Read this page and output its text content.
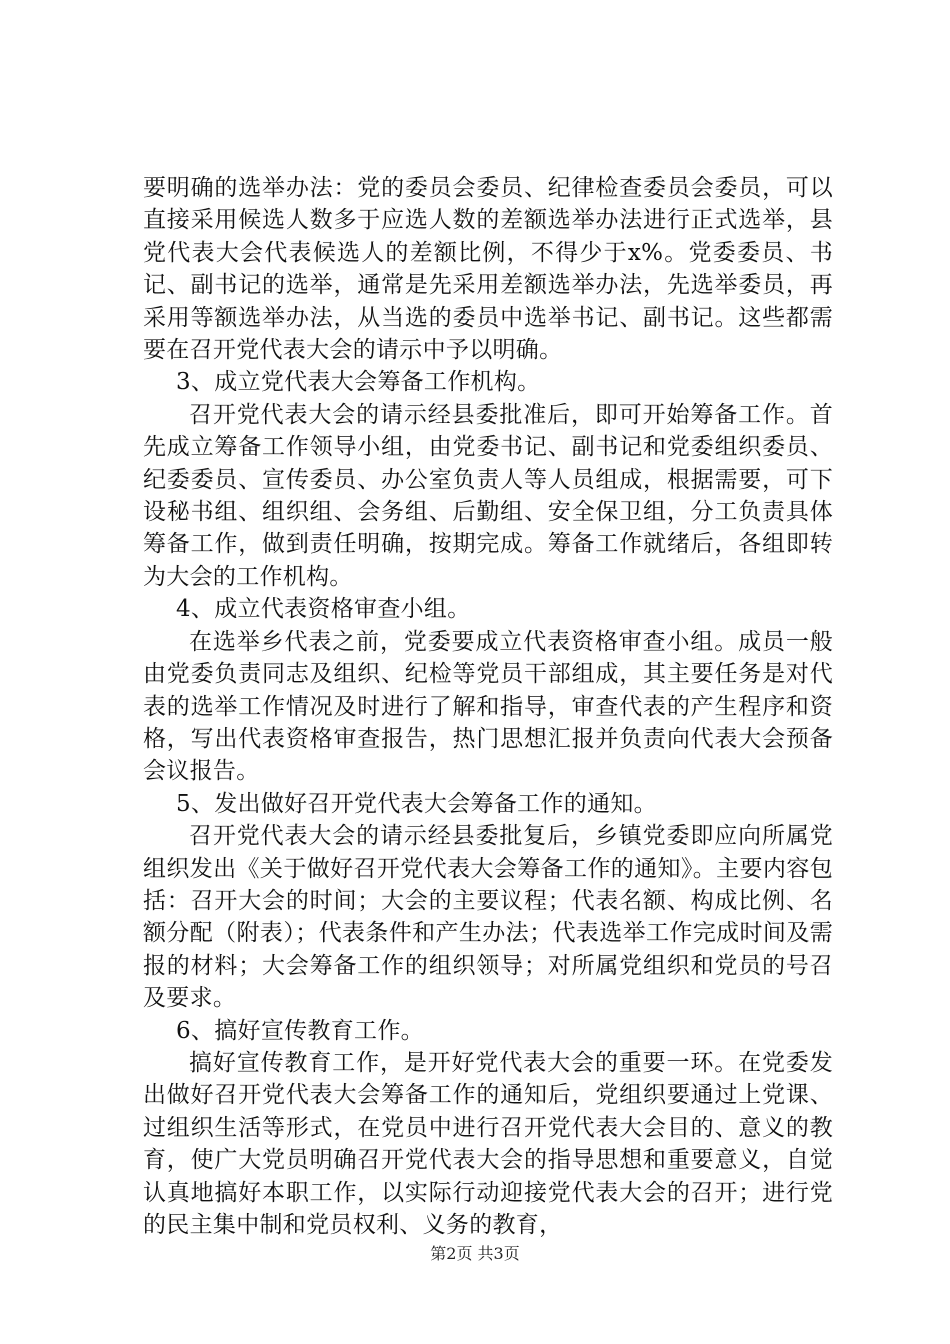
要明确的选举办法：党的委员会委员、纪律检查委员会委员，可以直接采用候选人数多于应选人数的差额选举办法进行正式选举，县党代表大会代表候选人的差额比例，不得少于x%。党委委员、书记、副书记的选举，通常是先采用差额选举办法，先选举委员，再采用等额选举办法，从当选的委员中选举书记、副书记。这些都需要在召开党代表大会的请示中予以明确。

3、成立党代表大会筹备工作机构。

召开党代表大会的请示经县委批准后，即可开始筹备工作。首先成立筹备工作领导小组，由党委书记、副书记和党委组织委员、纪委委员、宣传委员、办公室负责人等人员组成，根据需要，可下设秘书组、组织组、会务组、后勤组、安全保卫组，分工负责具体筹备工作，做到责任明确，按期完成。筹备工作就绪后，各组即转为大会的工作机构。

4、成立代表资格审查小组。

在选举乡代表之前，党委要成立代表资格审查小组。成员一般由党委负责同志及组织、纪检等党员干部组成，其主要任务是对代表的选举工作情况及时进行了解和指导，审查代表的产生程序和资格，写出代表资格审查报告，热门思想汇报并负责向代表大会预备会议报告。

5、发出做好召开党代表大会筹备工作的通知。

召开党代表大会的请示经县委批复后，乡镇党委即应向所属党组织发出《关于做好召开党代表大会筹备工作的通知》。主要内容包括：召开大会的时间；大会的主要议程；代表名额、构成比例、名额分配（附表）；代表条件和产生办法；代表选举工作完成时间及需报的材料；大会筹备工作的组织领导；对所属党组织和党员的号召及要求。

6、搞好宣传教育工作。

搞好宣传教育工作，是开好党代表大会的重要一环。在党委发出做好召开党代表大会筹备工作的通知后，党组织要通过上党课、过组织生活等形式，在党员中进行召开党代表大会目的、意义的教育，使广大党员明确召开党代表大会的指导思想和重要意义，自觉认真地搞好本职工作，以实际行动迎接党代表大会的召开；进行党的民主集中制和党员权利、义务的教育，

第2页 共3页
